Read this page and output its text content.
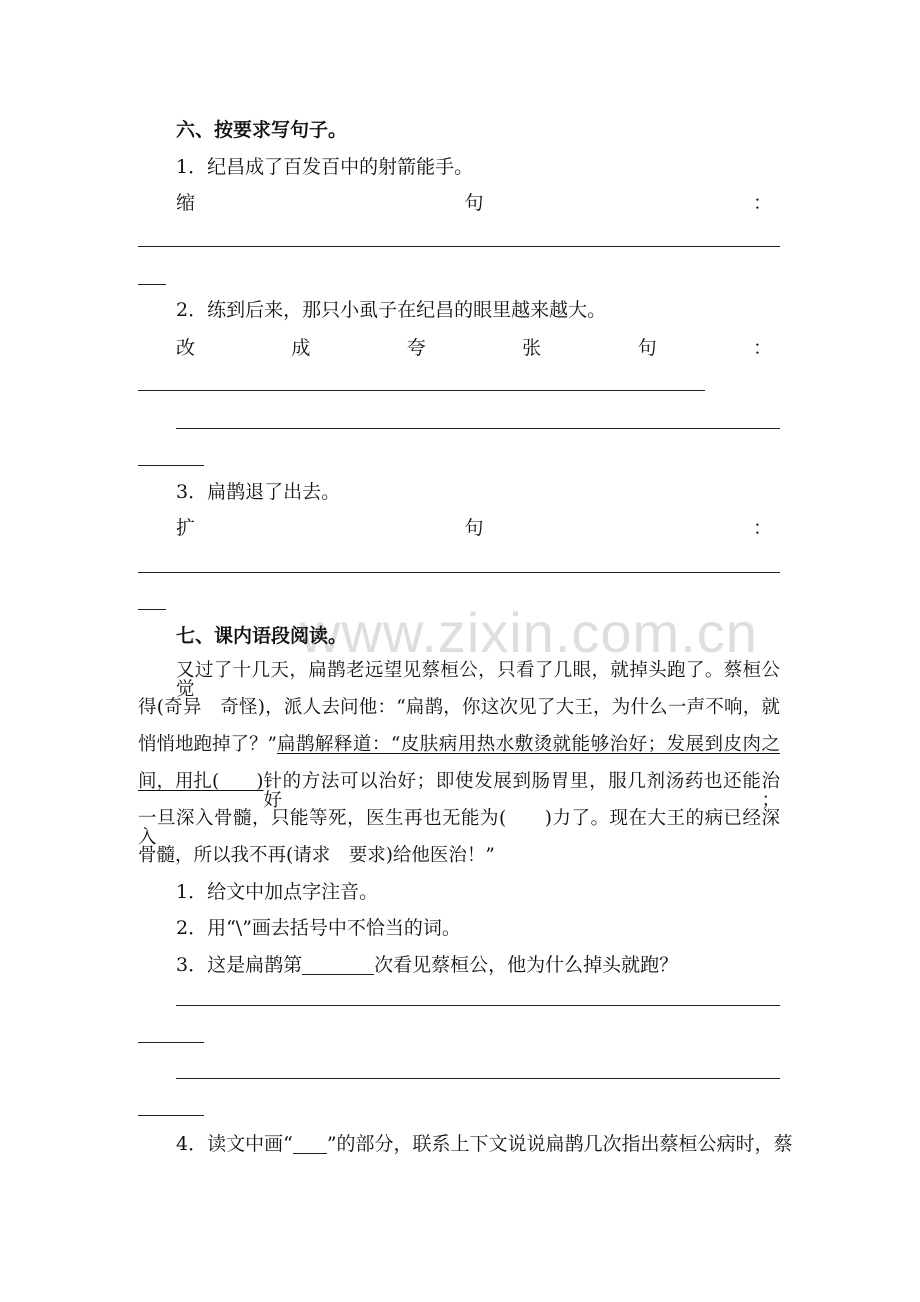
www.zixin.com.cn
六、按要求写句子。
1．纪昌成了百发百中的射箭能手。
缩	句	：
2．练到后来，那只小虱子在纪昌的眼里越来越大。
改	成	夸	张	句	：
3．扁鹊退了出去。
扩	句	：
七、课内语段阅读。
又过了十几天，扁鹊老远望见蔡桓公，只看了几眼，就掉头跑了。蔡桓公觉
得(奇异　奇怪)，派人去问他：“扁鹊，你这次见了大王，为什么一声不响，就
悄悄地跑掉了？” 扁鹊解释道：“皮肤病用热水敷烫就能够治好；发展到皮肉之
间，用扎(　　) 针的方法可以治好；即使发展到肠胃里，服几剂汤药也还能治好；
一旦深入骨髓，只能等死，医生再也无能为(　　)力了。现在大王的病已经深入
骨髓，所以我不再(请求　要求)给他医治！”
1．给文中加点字注音。
2．用“\”画去括号中不恰当的词。
3．这是扁鹊第	次看见蔡桓公，他为什么掉头就跑？
4．读文中画“ ”的部分，联系上下文说说扁鹊几次指出蔡桓公病时，蔡
